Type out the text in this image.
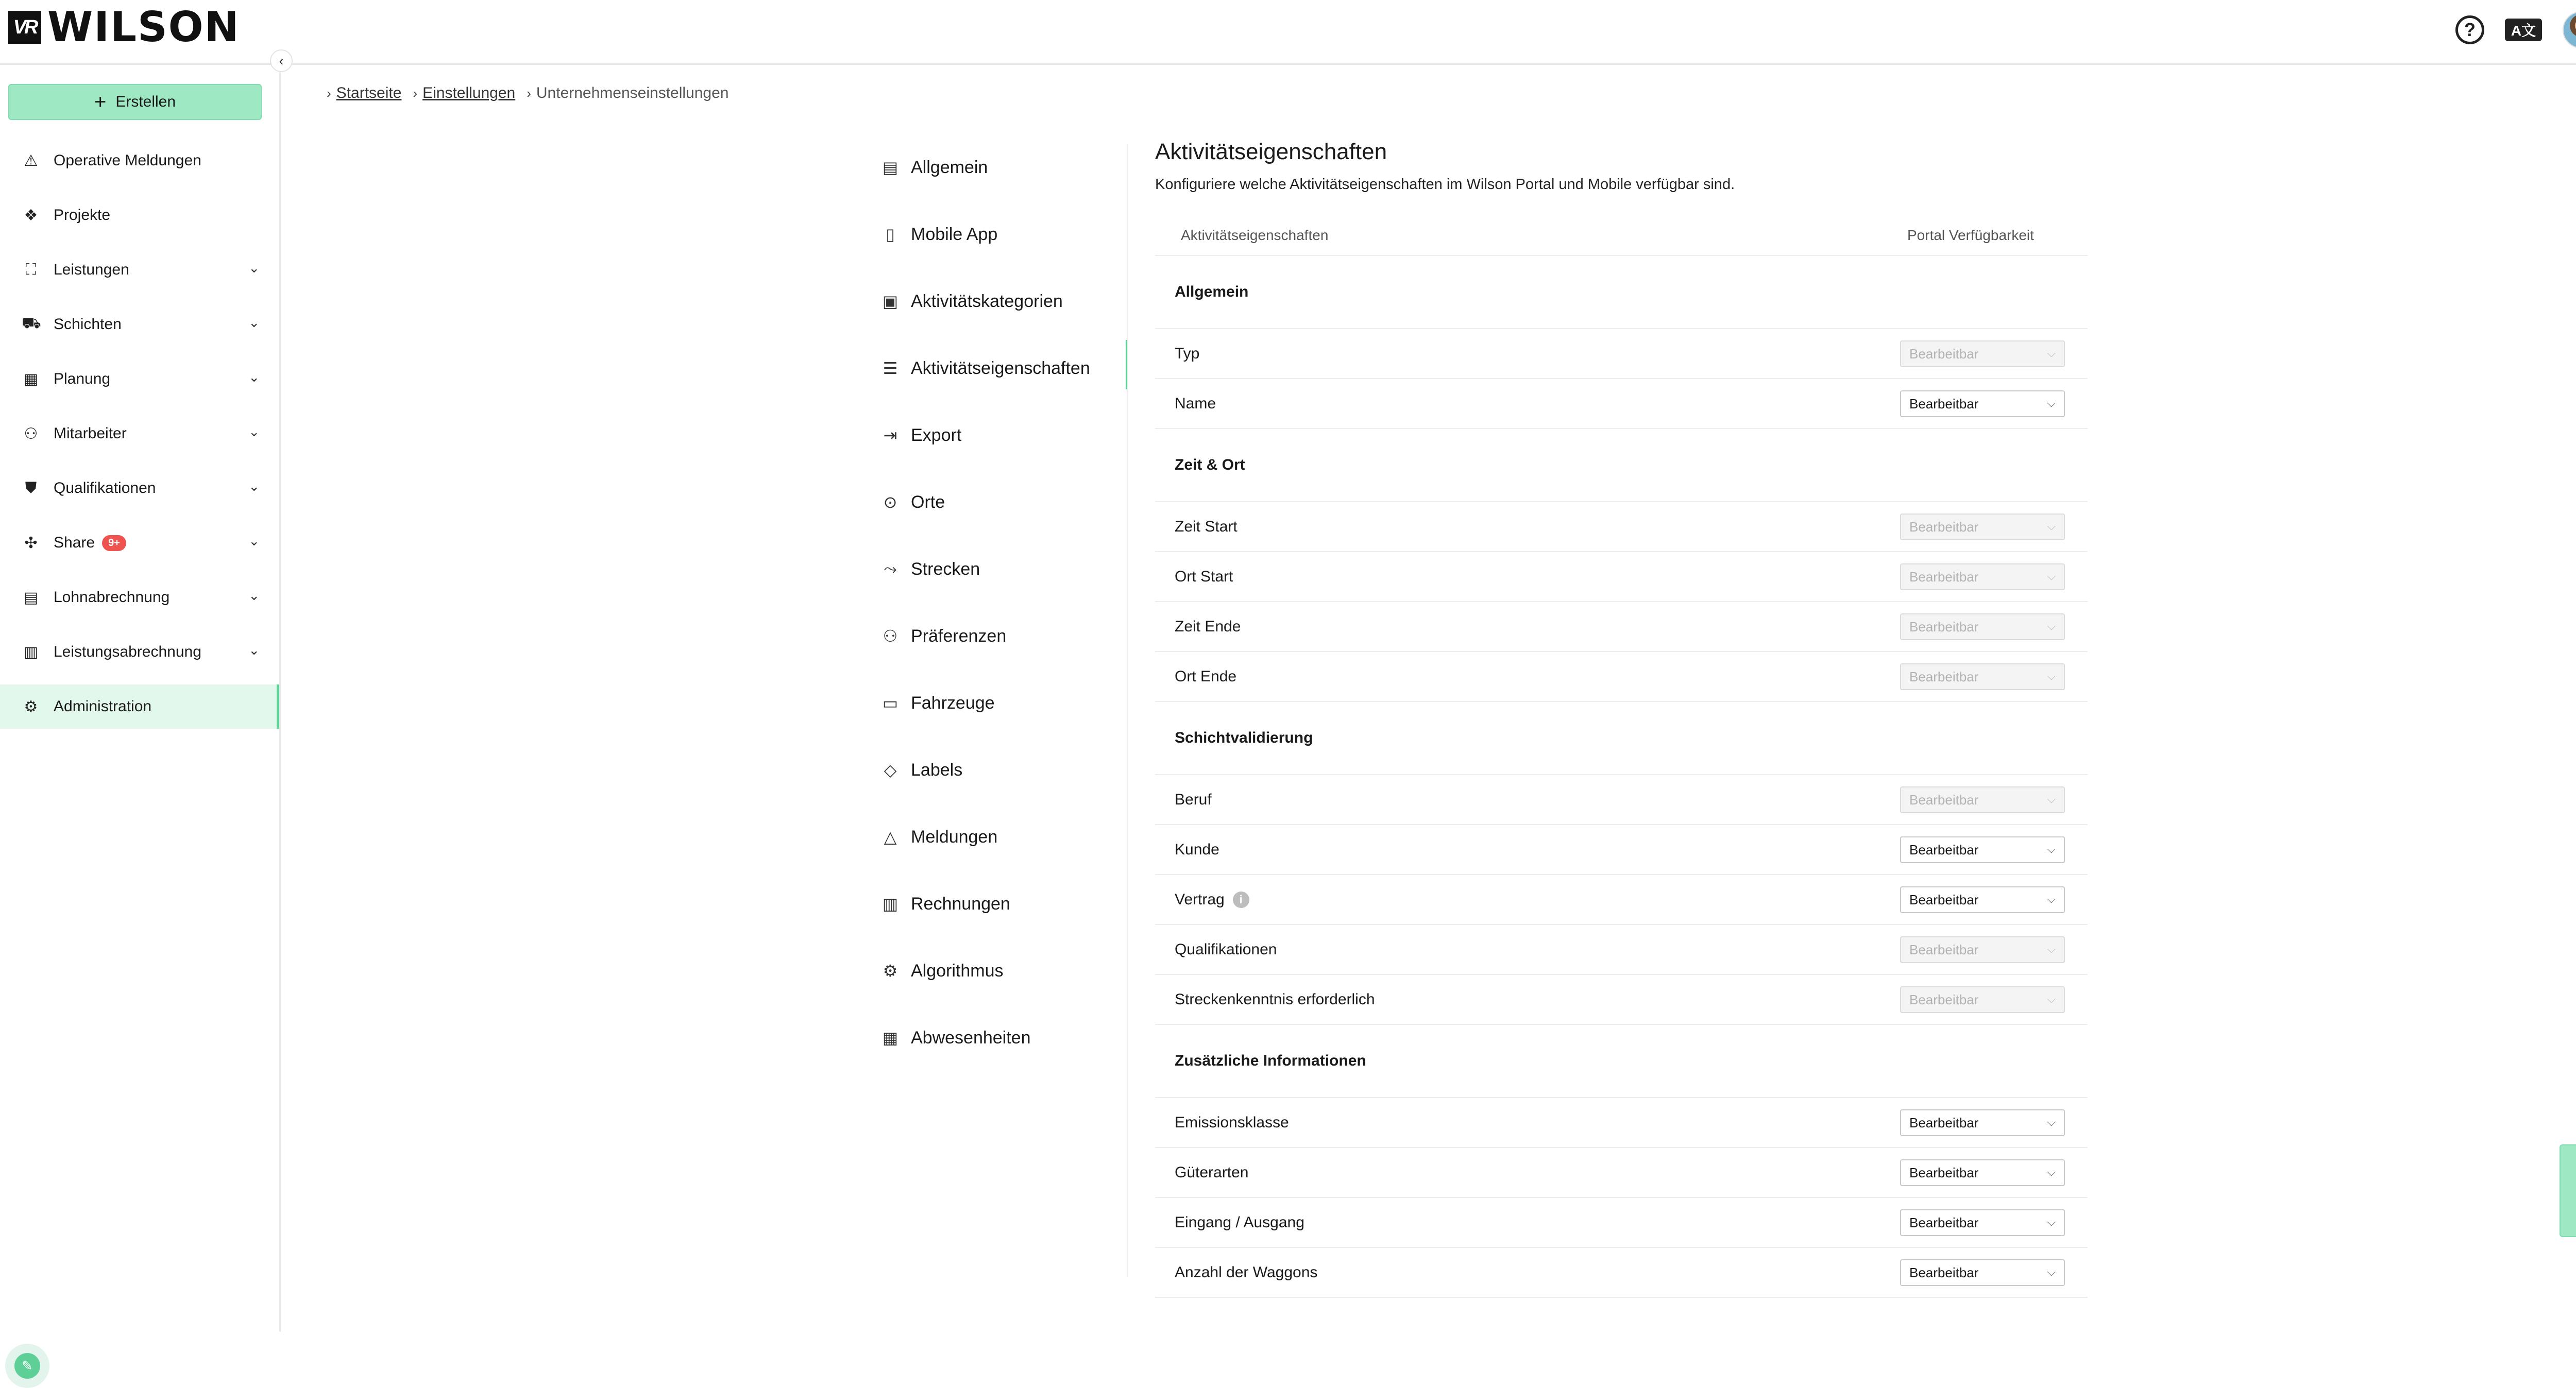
VR WILSON	?	A文
+ Erstellen
⚠ Operative Meldungen
❖ Projekte
⛶ Leistungen	⌄
⛟ Schichten	⌄
▦ Planung	⌄
⚇ Mitarbeiter	⌄
⛊ Qualifikationen	⌄
✣ Share	9+	⌄
▤ Lohnabrechnung	⌄
▥ Leistungsabrechnung	⌄
⚙ Administration
✎
‹
› Startseite › Einstellungen › Unternehmenseinstellungen
▤ Allgemein
▯ Mobile App
▣ Aktivitätskategorien
☰ Aktivitätseigenschaften
⇥ Export
⊙ Orte
⤳ Strecken
⚇ Präferenzen
▭ Fahrzeuge
◇ Labels
△ Meldungen
▥ Rechnungen
⚙ Algorithmus
▦ Abwesenheiten
Aktivitätseigenschaften
Konfiguriere welche Aktivitätseigenschaften im Wilson Portal und Mobile verfügbar sind.
Aktivitätseigenschaften	Portal Verfügbarkeit
Allgemein
Typ	Bearbeitbar	⌵
Name	Bearbeitbar	⌵
Zeit & Ort
Zeit Start	Bearbeitbar	⌵
Ort Start	Bearbeitbar	⌵
Zeit Ende	Bearbeitbar	⌵
Ort Ende	Bearbeitbar	⌵
Schichtvalidierung
Beruf	Bearbeitbar	⌵
Kunde	Bearbeitbar	⌵
Vertrag	i	Bearbeitbar	⌵
Qualifikationen	Bearbeitbar	⌵
Streckenkenntnis erforderlich	Bearbeitbar	⌵
Zusätzliche Informationen
Emissionsklasse	Bearbeitbar	⌵
Güterarten	Bearbeitbar	⌵
Eingang / Ausgang	Bearbeitbar	⌵
Anzahl der Waggons	Bearbeitbar	⌵
